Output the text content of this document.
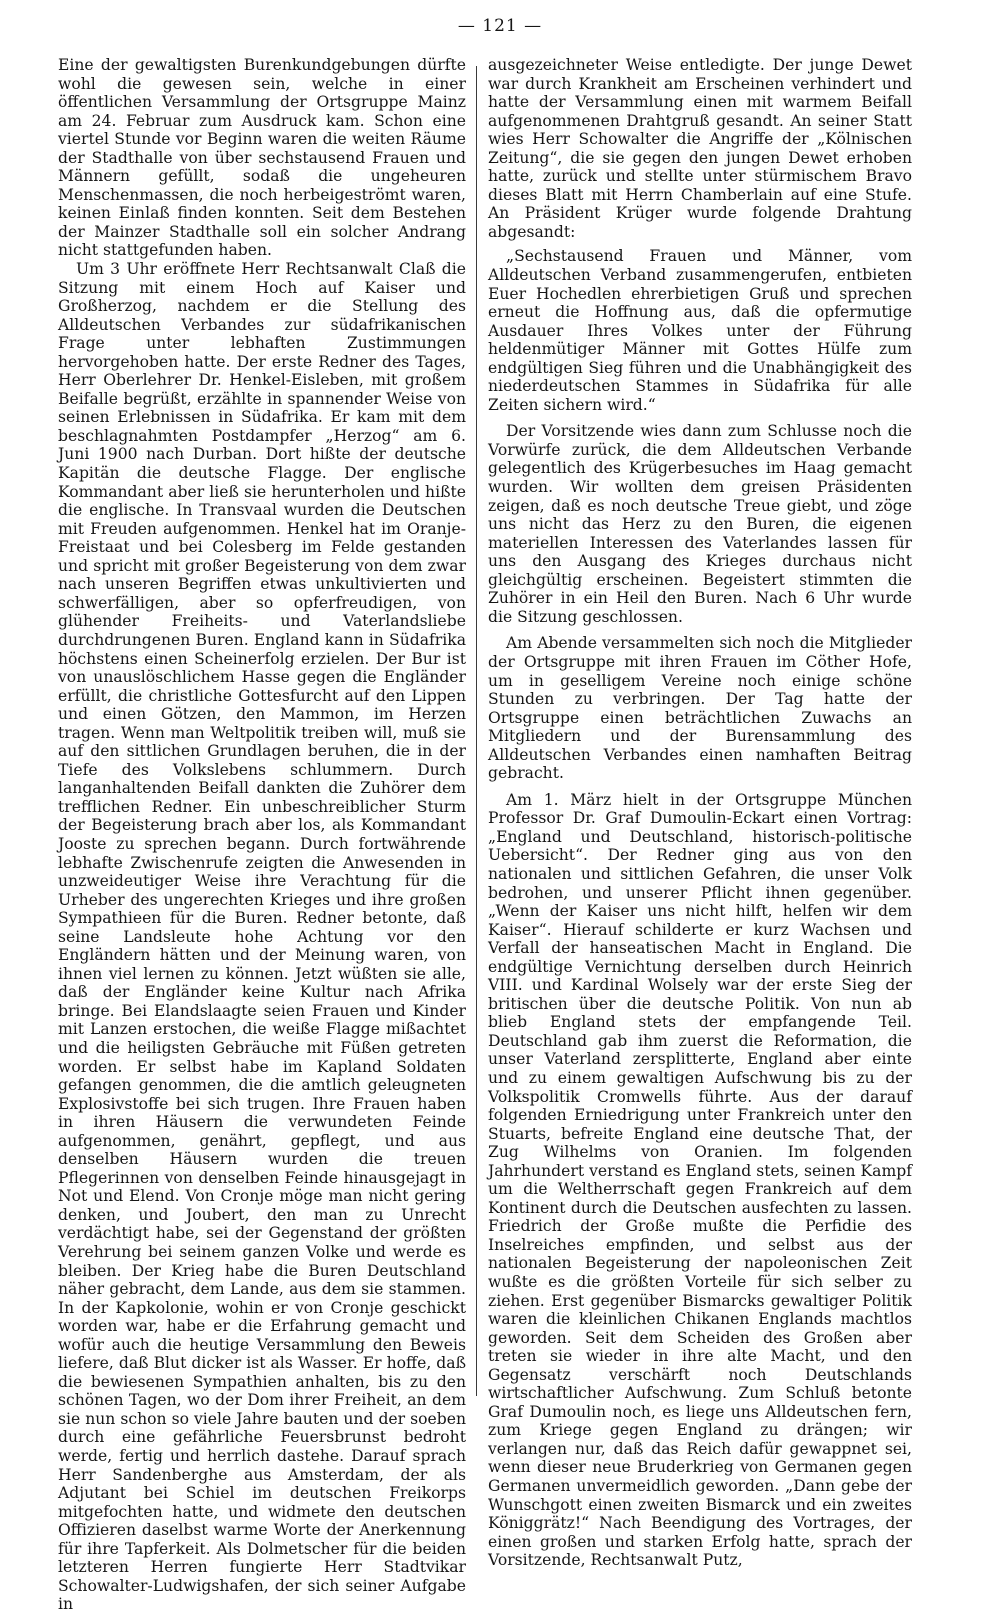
— 121 —

Eine der gewaltigsten Burenkundgebungen dürfte wohl die gewesen sein, welche in einer öffentlichen Versammlung der Ortsgruppe Mainz am 24. Februar zum Ausdruck kam. Schon eine viertel Stunde vor Beginn waren die weiten Räume der Stadthalle von über sechstausend Frauen und Männern gefüllt, sodaß die ungeheuren Menschenmassen, die noch herbeigeströmt waren, keinen Einlaß finden konnten. Seit dem Bestehen der Mainzer Stadthalle soll ein solcher Andrang nicht stattgefunden haben.

Um 3 Uhr eröffnete Herr Rechtsanwalt Claß die Sitzung mit einem Hoch auf Kaiser und Großherzog, nachdem er die Stellung des Alldeutschen Verbandes zur südafrikanischen Frage unter lebhaften Zustimmungen hervorgehoben hatte. Der erste Redner des Tages, Herr Oberlehrer Dr. Henkel-Eisleben, mit großem Beifalle begrüßt, erzählte in spannender Weise von seinen Erlebnissen in Südafrika. Er kam mit dem beschlagnahmten Postdampfer „Herzog“ am 6. Juni 1900 nach Durban. Dort hißte der deutsche Kapitän die deutsche Flagge. Der englische Kommandant aber ließ sie herunterholen und hißte die englische. In Transvaal wurden die Deutschen mit Freuden aufgenommen. Henkel hat im Oranje-Freistaat und bei Colesberg im Felde gestanden und spricht mit großer Begeisterung von dem zwar nach unseren Begriffen etwas unkultivierten und schwerfälligen, aber so opferfreudigen, von glühender Freiheits- und Vaterlandsliebe durchdrungenen Buren. England kann in Südafrika höchstens einen Scheinerfolg erzielen. Der Bur ist von unauslöschlichem Hasse gegen die Engländer erfüllt, die christliche Gottesfurcht auf den Lippen und einen Götzen, den Mammon, im Herzen tragen. Wenn man Weltpolitik treiben will, muß sie auf den sittlichen Grundlagen beruhen, die in der Tiefe des Volkslebens schlummern. Durch langanhaltenden Beifall dankten die Zuhörer dem trefflichen Redner. Ein unbeschreiblicher Sturm der Begeisterung brach aber los, als Kommandant Jooste zu sprechen begann. Durch fortwährende lebhafte Zwischenrufe zeigten die Anwesenden in unzweideutiger Weise ihre Verachtung für die Urheber des ungerechten Krieges und ihre großen Sympathieen für die Buren. Redner betonte, daß seine Landsleute hohe Achtung vor den Engländern hätten und der Meinung waren, von ihnen viel lernen zu können. Jetzt wüßten sie alle, daß der Engländer keine Kultur nach Afrika bringe. Bei Elandslaagte seien Frauen und Kinder mit Lanzen erstochen, die weiße Flagge mißachtet und die heiligsten Gebräuche mit Füßen getreten worden. Er selbst habe im Kapland Soldaten gefangen genommen, die die amtlich geleugneten Explosivstoffe bei sich trugen. Ihre Frauen haben in ihren Häusern die verwundeten Feinde aufgenommen, genährt, gepflegt, und aus denselben Häusern wurden die treuen Pflegerinnen von denselben Feinde hinausgejagt in Not und Elend. Von Cronje möge man nicht gering denken, und Joubert, den man zu Unrecht verdächtigt habe, sei der Gegenstand der größten Verehrung bei seinem ganzen Volke und werde es bleiben. Der Krieg habe die Buren Deutschland näher gebracht, dem Lande, aus dem sie stammen. In der Kapkolonie, wohin er von Cronje geschickt worden war, habe er die Erfahrung gemacht und wofür auch die heutige Versammlung den Beweis liefere, daß Blut dicker ist als Wasser. Er hoffe, daß die bewiesenen Sympathien anhalten, bis zu den schönen Tagen, wo der Dom ihrer Freiheit, an dem sie nun schon so viele Jahre bauten und der soeben durch eine gefährliche Feuersbrunst bedroht werde, fertig und herrlich dastehe. Darauf sprach Herr Sandenberghe aus Amsterdam, der als Adjutant bei Schiel im deutschen Freikorps mitgefochten hatte, und widmete den deutschen Offizieren daselbst warme Worte der Anerkennung für ihre Tapferkeit. Als Dolmetscher für die beiden letzteren Herren fungierte Herr Stadtvikar Schowalter-Ludwigshafen, der sich seiner Aufgabe in

ausgezeichneter Weise entledigte. Der junge Dewet war durch Krankheit am Erscheinen verhindert und hatte der Versammlung einen mit warmem Beifall aufgenommenen Drahtgruß gesandt. An seiner Statt wies Herr Schowalter die Angriffe der „Kölnischen Zeitung“, die sie gegen den jungen Dewet erhoben hatte, zurück und stellte unter stürmischem Bravo dieses Blatt mit Herrn Chamberlain auf eine Stufe. An Präsident Krüger wurde folgende Drahtung abgesandt:

„Sechstausend Frauen und Männer, vom Alldeutschen Verband zusammengerufen, entbieten Euer Hochedlen ehrerbietigen Gruß und sprechen erneut die Hoffnung aus, daß die opfermutige Ausdauer Ihres Volkes unter der Führung heldenmütiger Männer mit Gottes Hülfe zum endgültigen Sieg führen und die Unabhängigkeit des niederdeutschen Stammes in Südafrika für alle Zeiten sichern wird.“

Der Vorsitzende wies dann zum Schlusse noch die Vorwürfe zurück, die dem Alldeutschen Verbande gelegentlich des Krügerbesuches im Haag gemacht wurden. Wir wollten dem greisen Präsidenten zeigen, daß es noch deutsche Treue giebt, und zöge uns nicht das Herz zu den Buren, die eigenen materiellen Interessen des Vaterlandes lassen für uns den Ausgang des Krieges durchaus nicht gleichgültig erscheinen. Begeistert stimmten die Zuhörer in ein Heil den Buren. Nach 6 Uhr wurde die Sitzung geschlossen.

Am Abende versammelten sich noch die Mitglieder der Ortsgruppe mit ihren Frauen im Cöther Hofe, um in geselligem Vereine noch einige schöne Stunden zu verbringen. Der Tag hatte der Ortsgruppe einen beträchtlichen Zuwachs an Mitgliedern und der Burensammlung des Alldeutschen Verbandes einen namhaften Beitrag gebracht.

Am 1. März hielt in der Ortsgruppe München Professor Dr. Graf Dumoulin-Eckart einen Vortrag: „England und Deutschland, historisch-politische Uebersicht“. Der Redner ging aus von den nationalen und sittlichen Gefahren, die unser Volk bedrohen, und unserer Pflicht ihnen gegenüber. „Wenn der Kaiser uns nicht hilft, helfen wir dem Kaiser“. Hierauf schilderte er kurz Wachsen und Verfall der hanseatischen Macht in England. Die endgültige Vernichtung derselben durch Heinrich VIII. und Kardinal Wolsely war der erste Sieg der britischen über die deutsche Politik. Von nun ab blieb England stets der empfangende Teil. Deutschland gab ihm zuerst die Reformation, die unser Vaterland zersplitterte, England aber einte und zu einem gewaltigen Aufschwung bis zu der Volkspolitik Cromwells führte. Aus der darauf folgenden Erniedrigung unter Frankreich unter den Stuarts, befreite England eine deutsche That, der Zug Wilhelms von Oranien. Im folgenden Jahrhundert verstand es England stets, seinen Kampf um die Weltherrschaft gegen Frankreich auf dem Kontinent durch die Deutschen ausfechten zu lassen. Friedrich der Große mußte die Perfidie des Inselreiches empfinden, und selbst aus der nationalen Begeisterung der napoleonischen Zeit wußte es die größten Vorteile für sich selber zu ziehen. Erst gegenüber Bismarcks gewaltiger Politik waren die kleinlichen Chikanen Englands machtlos geworden. Seit dem Scheiden des Großen aber treten sie wieder in ihre alte Macht, und den Gegensatz verschärft noch Deutschlands wirtschaftlicher Aufschwung. Zum Schluß betonte Graf Dumoulin noch, es liege uns Alldeutschen fern, zum Kriege gegen England zu drängen; wir verlangen nur, daß das Reich dafür gewappnet sei, wenn dieser neue Bruderkrieg von Germanen gegen Germanen unvermeidlich geworden. „Dann gebe der Wunschgott einen zweiten Bismarck und ein zweites Königgrätz!“ Nach Beendigung des Vortrages, der einen großen und starken Erfolg hatte, sprach der Vorsitzende, Rechtsanwalt Putz,
